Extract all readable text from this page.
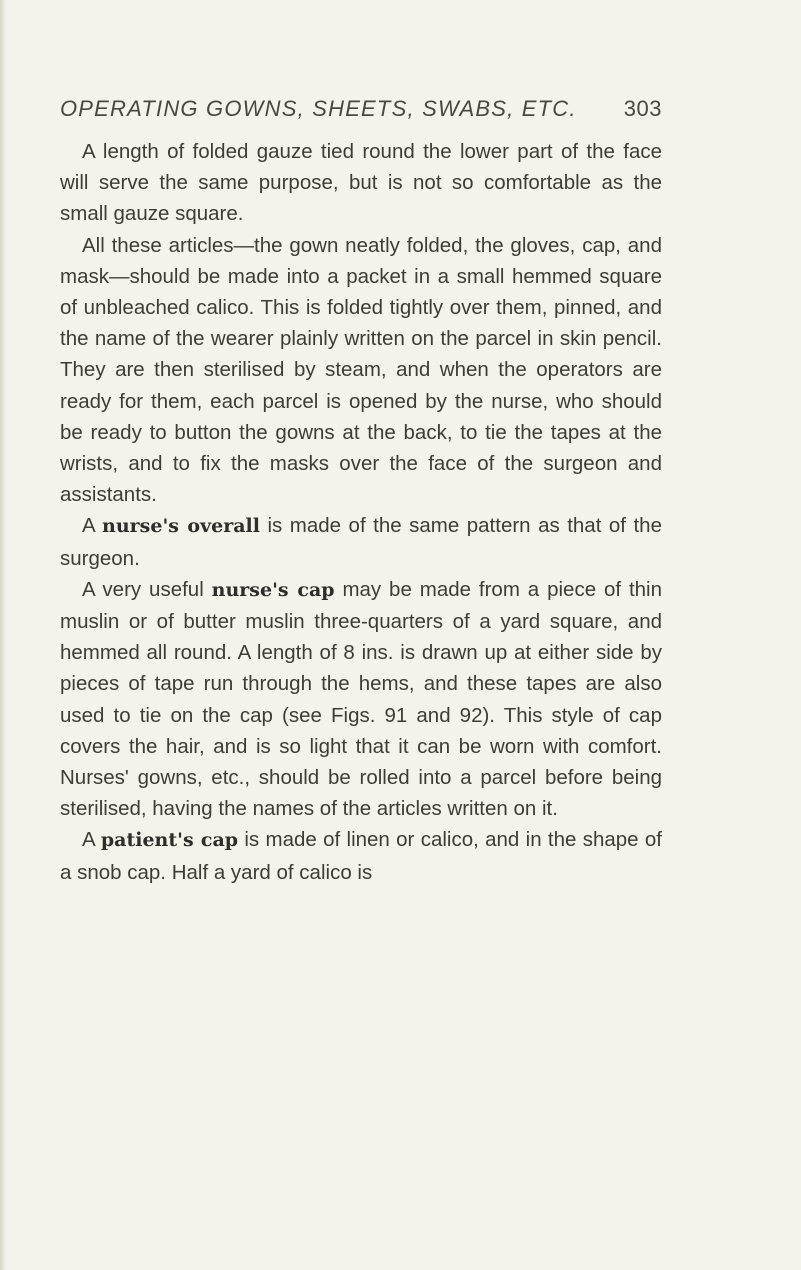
OPERATING GOWNS, SHEETS, SWABS, ETC. 303

A length of folded gauze tied round the lower part of the face will serve the same purpose, but is not so comfortable as the small gauze square.

All these articles—the gown neatly folded, the gloves, cap, and mask—should be made into a packet in a small hemmed square of unbleached calico. This is folded tightly over them, pinned, and the name of the wearer plainly written on the parcel in skin pencil. They are then sterilised by steam, and when the operators are ready for them, each parcel is opened by the nurse, who should be ready to button the gowns at the back, to tie the tapes at the wrists, and to fix the masks over the face of the surgeon and assistants.

A nurse's overall is made of the same pattern as that of the surgeon.

A very useful nurse's cap may be made from a piece of thin muslin or of butter muslin three-quarters of a yard square, and hemmed all round. A length of 8 ins. is drawn up at either side by pieces of tape run through the hems, and these tapes are also used to tie on the cap (see Figs. 91 and 92). This style of cap covers the hair, and is so light that it can be worn with comfort. Nurses' gowns, etc., should be rolled into a parcel before being sterilised, having the names of the articles written on it.

A patient's cap is made of linen or calico, and in the shape of a snob cap. Half a yard of calico is
